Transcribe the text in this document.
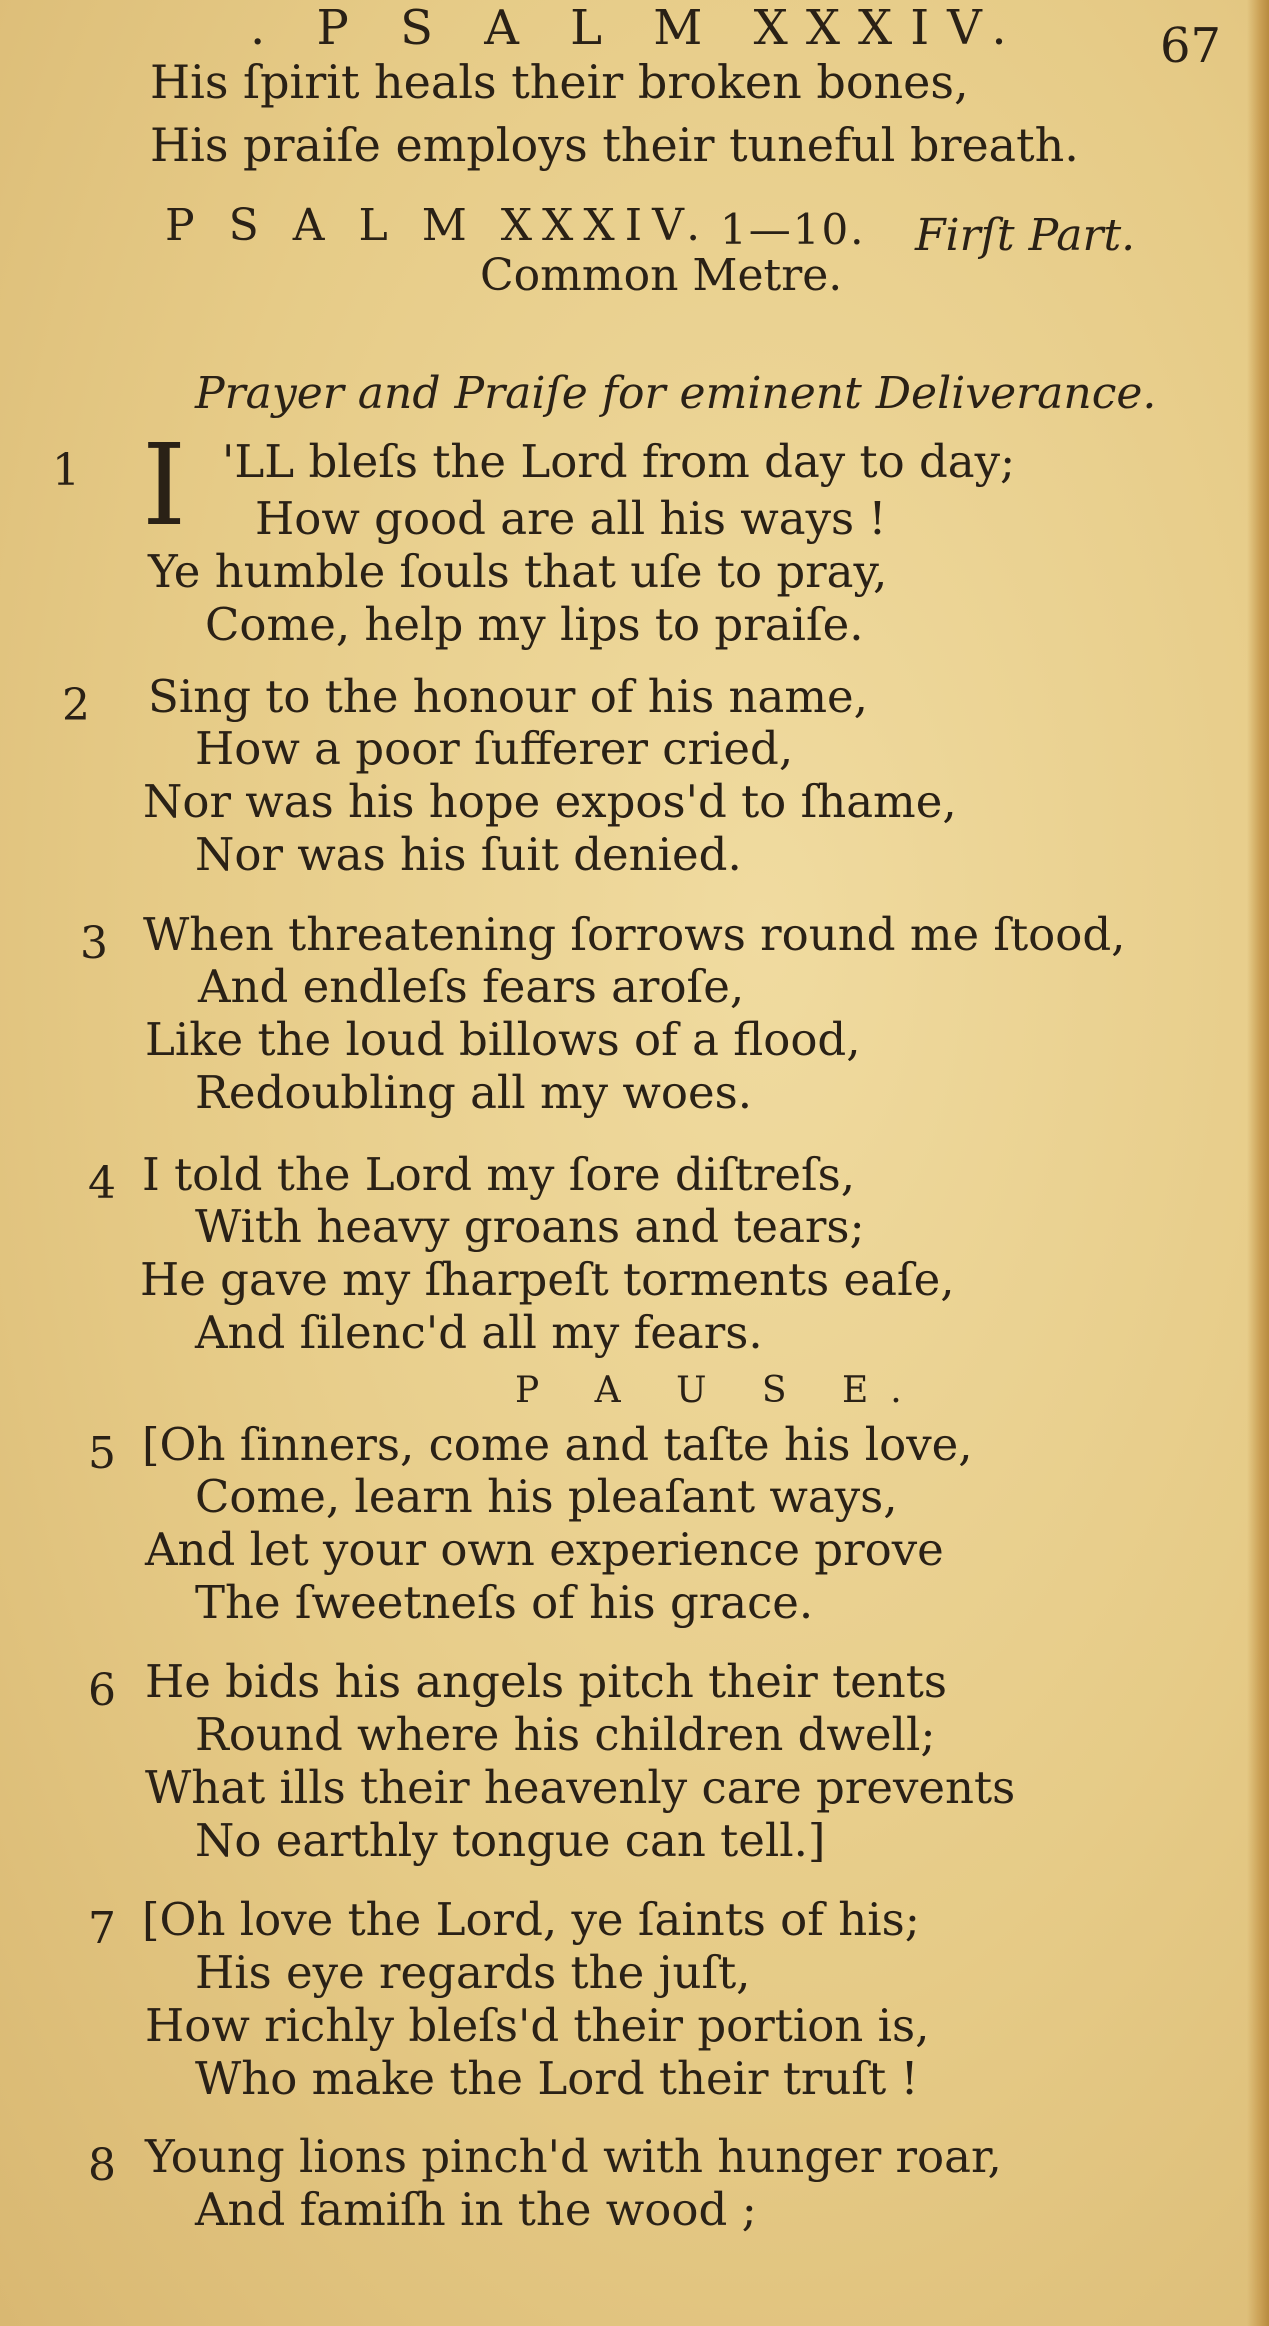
. P S A L M XXXIV.	67
His ſpirit heals their broken bones,
His praiſe employs their tuneful breath.
P S A L M XXXIV. 1—10. Firſt Part.
Common Metre.
Prayer and Praiſe for eminent Deliverance.
1 I 'LL bleſs the Lord from day to day;
How good are all his ways !
Ye humble ſouls that uſe to pray,
Come, help my lips to praiſe.
2 Sing to the honour of his name,
How a poor ſufferer cried,
Nor was his hope expos'd to ſhame,
Nor was his ſuit denied.
3 When threatening ſorrows round me ſtood,
And endleſs fears aroſe,
Like the loud billows of a flood,
Redoubling all my woes.
4 I told the Lord my ſore diſtreſs,
With heavy groans and tears;
He gave my ſharpeſt torments eaſe,
And ſilenc'd all my fears.
P A U S E.
5 [Oh ſinners, come and taſte his love,
Come, learn his pleaſant ways,
And let your own experience prove
The ſweetneſs of his grace.
6 He bids his angels pitch their tents
Round where his children dwell;
What ills their heavenly care prevents
No earthly tongue can tell.]
7 [Oh love the Lord, ye ſaints of his;
His eye regards the juſt,
How richly bleſs'd their portion is,
Who make the Lord their truſt !
8 Young lions pinch'd with hunger roar,
And famiſh in the wood ;
